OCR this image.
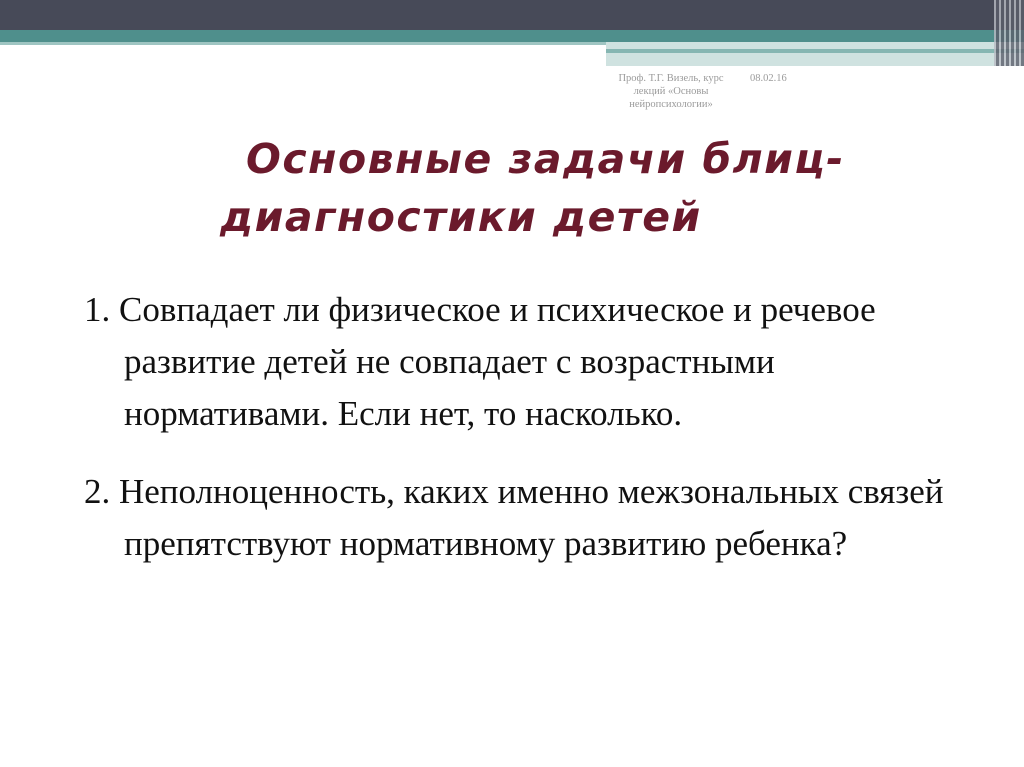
Проф. Т.Г. Визель, курс лекций «Основы нейропсихологии»
08.02.16
Основные задачи блиц-
диагностики детей
1. Совпадает ли физическое и психическое и речевое развитие детей не совпадает с возрастными нормативами. Если нет, то насколько.
2. Неполноценность, каких именно межзональных связей препятствуют нормативному развитию ребенка?
